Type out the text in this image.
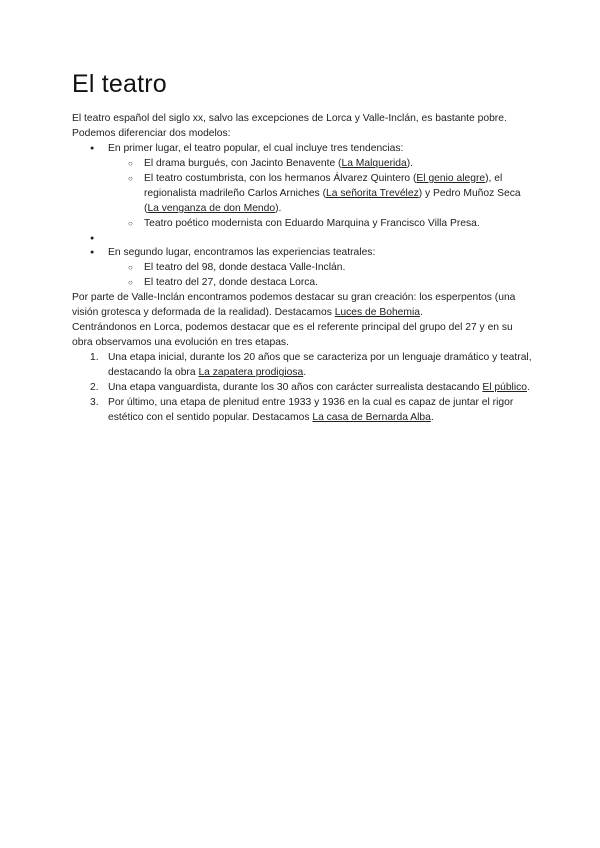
El teatro

El teatro español del siglo xx, salvo las excepciones de Lorca y Valle-Inclán, es bastante pobre. Podemos diferenciar dos modelos:

● En primer lugar, el teatro popular, el cual incluye tres tendencias:
○ El drama burgués, con Jacinto Benavente (La Malquerida).
○ El teatro costumbrista, con los hermanos Álvarez Quintero (El genio alegre), el regionalista madrileño Carlos Arniches (La señorita Trevélez) y Pedro Muñoz Seca (La venganza de don Mendo).
○ Teatro poético modernista con Eduardo Marquina y Francisco Villa Presa.
●
● En segundo lugar, encontramos las experiencias teatrales:
○ El teatro del 98, donde destaca Valle-Inclán.
○ El teatro del 27, donde destaca Lorca.

Por parte de Valle-Inclán encontramos podemos destacar su gran creación: los esperpentos (una visión grotesca y deformada de la realidad). Destacamos Luces de Bohemia.

Centrándonos en Lorca, podemos destacar que es el referente principal del grupo del 27 y en su obra observamos una evolución en tres etapas.

1. Una etapa inicial, durante los 20 años que se caracteriza por un lenguaje dramático y teatral, destacando la obra La zapatera prodigiosa.
2. Una etapa vanguardista, durante los 30 años con carácter surrealista destacando El público.
3. Por último, una etapa de plenitud entre 1933 y 1936 en la cual es capaz de juntar el rigor estético con el sentido popular. Destacamos La casa de Bernarda Alba.
